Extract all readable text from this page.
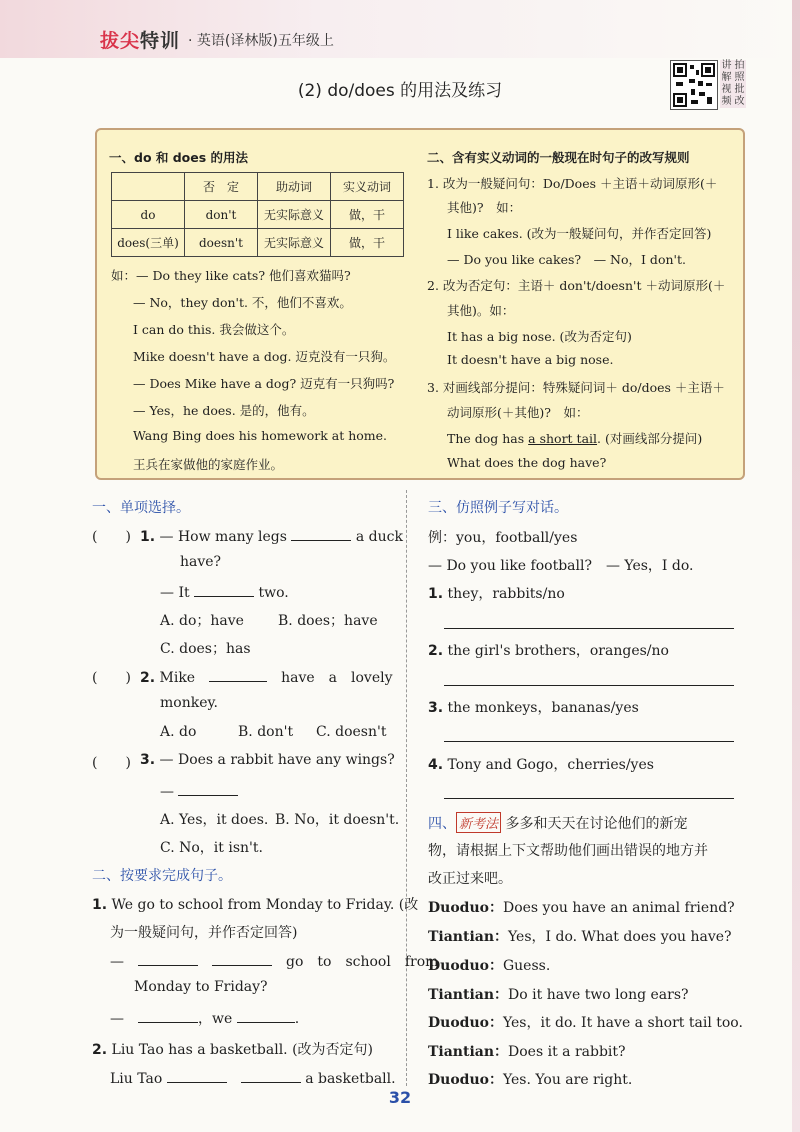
拔尖特训 · 英语(译林版)五年级上
(2) do/does 的用法及练习
讲 拍
解 照
视 批
频 改
一、do 和 does 的用法
	否　定	助动词	实义动词
do	don't	无实际意义	做，干
does(三单)	doesn't	无实际意义	做，干
如：— Do they like cats? 他们喜欢猫吗?
— No，they don't. 不，他们不喜欢。
I can do this. 我会做这个。
Mike doesn't have a dog. 迈克没有一只狗。
— Does Mike have a dog? 迈克有一只狗吗?
— Yes，he does. 是的，他有。
Wang Bing does his homework at home.
王兵在家做他的家庭作业。
二、含有实义动词的一般现在时句子的改写规则
1. 改为一般疑问句：Do/Does ＋主语＋动词原形(＋
其他)?　如：
I like cakes. (改为一般疑问句，并作否定回答)
— Do you like cakes?　— No，I don't.
2. 改为否定句：主语＋ don't/doesn't ＋动词原形(＋
其他)。如：
It has a big nose. (改为否定句)
It doesn't have a big nose.
3. 对画线部分提问：特殊疑问词＋ do/does ＋主语＋
动词原形(＋其他)?　如：
The dog has a short tail. (对画线部分提问)
What does the dog have?
一、单项选择。
(　　) 1. — How many legs	a duck
have?
— It	two.
A. do；have B. does；have
C. does；has
(　　) 2. Mike　　	have　a　lovely
monkey.
A. do	B. don't C. doesn't
(　　) 3. — Does a rabbit have any wings?
—
A. Yes，it does. B. No，it doesn't.
C. No，it isn't.
二、按要求完成句子。
1. We go to school from Monday to Friday. (改
为一般疑问句，并作否定回答)
—　　　	go　to　school　from
Monday to Friday?
—　	，we	.
2. Liu Tao has a basketball. (改为否定句)
Liu Tao 　	a basketball.
三、仿照例子写对话。
例：you，football/yes
— Do you like football?　— Yes，I do.
1. they，rabbits/no
2. the girl's brothers，oranges/no
3. the monkeys，bananas/yes
4. Tony and Gogo，cherries/yes
四、 新考法 多多和天天在讨论他们的新宠
物，请根据上下文帮助他们画出错误的地方并
改正过来吧。
Duoduo：Does you have an animal friend?
Tiantian：Yes，I do. What does you have?
Duoduo：Guess.
Tiantian：Do it have two long ears?
Duoduo：Yes，it do. It have a short tail too.
Tiantian：Does it a rabbit?
Duoduo：Yes. You are right.
32
